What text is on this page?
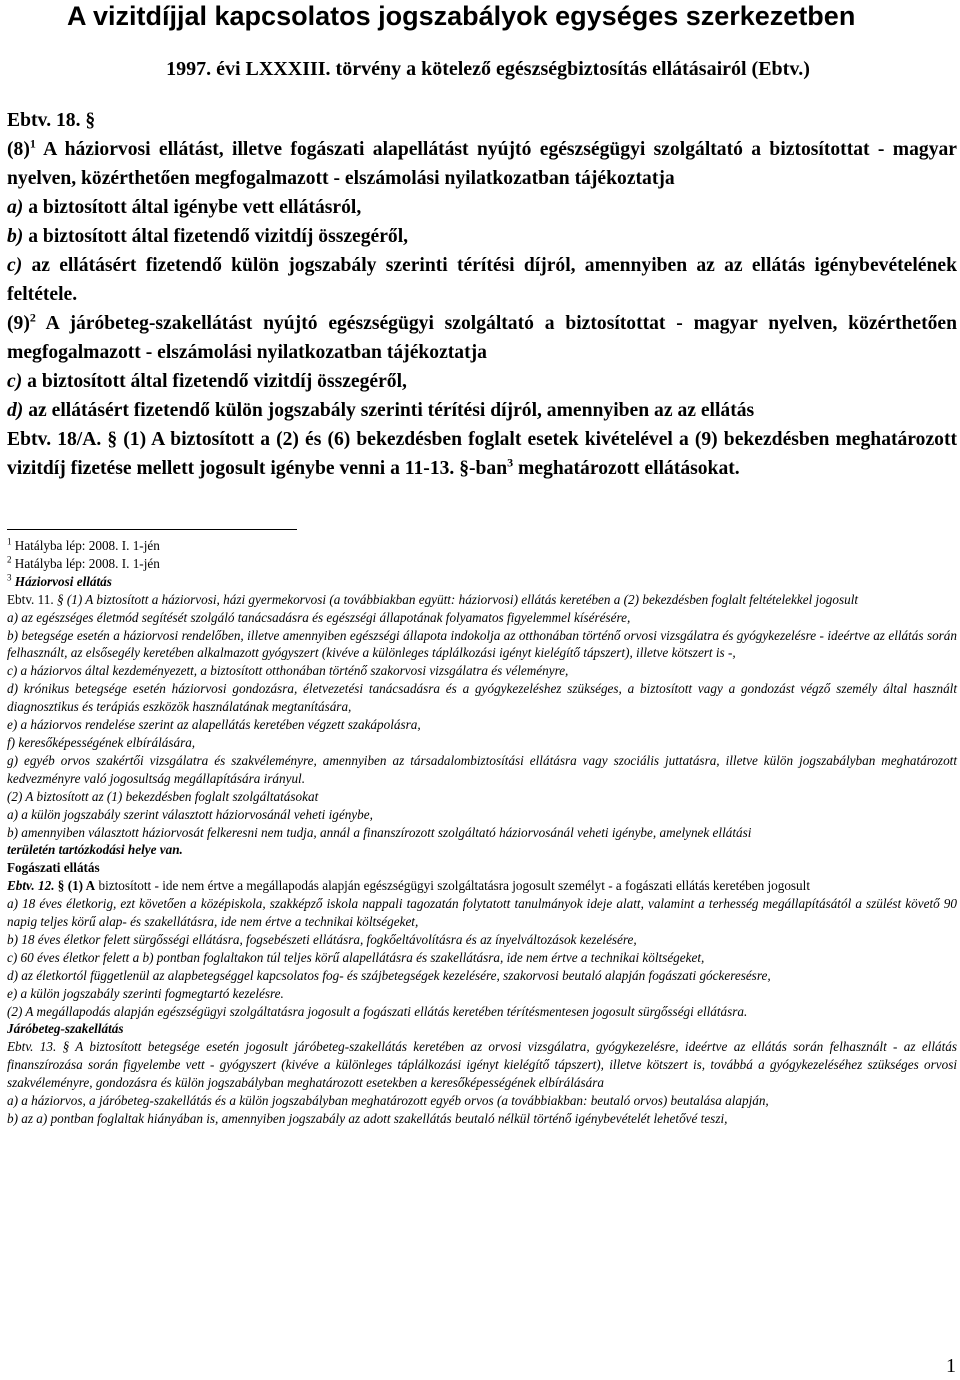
A vizitdíjjal kapcsolatos jogszabályok egységes szerkezetben
1997. évi LXXXIII. törvény a kötelező egészségbiztosítás ellátásairól (Ebtv.)

Ebtv. 18. §

$(8)^1$ A háziorvosi ellátást, illetve fogászati alapellátást nyújtó egészségügyi szolgáltató a biztosítottat - magyar nyelven, közérthetően megfogalmazott - elszámolási nyilatkozatban tájékoztatja

a) a biztosított által igénybe vett ellátásról,

b) a biztosított által fizetendő vizitdíj összegéről,

c) az ellátásért fizetendő külön jogszabály szerinti térítési díjról, amennyiben az az ellátás igénybevételének feltétele.

$(9)^2$ A járóbeteg-szakellátást nyújtó egészségügyi szolgáltató a biztosítottat - magyar nyelven, közérthetően megfogalmazott - elszámolási nyilatkozatban tájékoztatja

c) a biztosított által fizetendő vizitdíj összegéről,

d) az ellátásért fizetendő külön jogszabály szerinti térítési díjról, amennyiben az az ellátás

Ebtv. 18/A. § (1) A biztosított a (2) és (6) bekezdésben foglalt esetek kivételével a (9) bekezdésben meghatározott vizitdíj fizetése mellett jogosult igénybe venni a 11-13. §-ban$^3$ meghatározott ellátásokat.

$^1$ Hatályba lép: 2008. I. 1-jén

$^2$ Hatályba lép: 2008. I. 1-jén

$^3$ Háziorvosi ellátás

Ebtv. 11. § (1) A biztosított a háziorvosi, házi gyermekorvosi (a továbbiakban együtt: háziorvosi) ellátás keretében a (2) bekezdésben foglalt feltételekkel jogosult

a) az egészséges életmód segítését szolgáló tanácsadásra és egészségi állapotának folyamatos figyelemmel kísérésére,

b) betegsége esetén a háziorvosi rendelőben, illetve amennyiben egészségi állapota indokolja az otthonában történő orvosi vizsgálatra és gyógykezelésre - ideértve az ellátás során felhasznált, az elsősegély keretében alkalmazott gyógyszert (kivéve a különleges táplálkozási igényt kielégítő tápszert), illetve kötszert is -,

c) a háziorvos által kezdeményezett, a biztosított otthonában történő szakorvosi vizsgálatra és véleményre,

d) krónikus betegsége esetén háziorvosi gondozásra, életvezetési tanácsadásra és a gyógykezeléshez szükséges, a biztosított vagy a gondozást végző személy által használt diagnosztikus és terápiás eszközök használatának megtanítására,

e) a háziorvos rendelése szerint az alapellátás keretében végzett szakápolásra,

f) keresőképességének elbírálására,

g) egyéb orvos szakértői vizsgálatra és szakvéleményre, amennyiben az társadalombiztosítási ellátásra vagy szociális juttatásra, illetve külön jogszabályban meghatározott kedvezményre való jogosultság megállapítására irányul.

(2) A biztosított az (1) bekezdésben foglalt szolgáltatásokat

a) a külön jogszabály szerint választott háziorvosánál veheti igénybe,

b) amennyiben választott háziorvosát felkeresni nem tudja, annál a finanszírozott szolgáltató háziorvosánál veheti igénybe, amelynek ellátási
területén tartózkodási helye van.

Fogászati ellátás

Ebtv. 12. § (1) A biztosított - ide nem értve a megállapodás alapján egészségügyi szolgáltatásra jogosult személyt - a fogászati ellátás keretében jogosult

a) 18 éves életkorig, ezt követően a középiskola, szakképző iskola nappali tagozatán folytatott tanulmányok ideje alatt, valamint a terhesség megállapításától a szülést követő 90 napig teljes körű alap- és szakellátásra, ide nem értve a technikai költségeket,

b) 18 éves életkor felett sürgősségi ellátásra, fogsebészeti ellátásra, fogkőeltávolításra és az ínyelváltozások kezelésére,

c) 60 éves életkor felett a b) pontban foglaltakon túl teljes körű alapellátásra és szakellátásra, ide nem értve a technikai költségeket,

d) az életkortól függetlenül az alapbetegséggel kapcsolatos fog- és szájbetegségek kezelésére, szakorvosi beutaló alapján fogászati góckeresésre,

e) a külön jogszabály szerinti fogmegtartó kezelésre.

(2) A megállapodás alapján egészségügyi szolgáltatásra jogosult a fogászati ellátás keretében térítésmentesen jogosult sürgősségi ellátásra.

Járóbeteg-szakellátás

Ebtv. 13. § A biztosított betegsége esetén jogosult járóbeteg-szakellátás keretében az orvosi vizsgálatra, gyógykezelésre, ideértve az ellátás során felhasznált - az ellátás finanszírozása során figyelembe vett - gyógyszert (kivéve a különleges táplálkozási igényt kielégítő tápszert), illetve kötszert is, továbbá a gyógykezeléséhez szükséges orvosi szakvéleményre, gondozásra és külön jogszabályban meghatározott esetekben a keresőképességének elbírálására

a) a háziorvos, a járóbeteg-szakellátás és a külön jogszabályban meghatározott egyéb orvos (a továbbiakban: beutaló orvos) beutalása alapján,

b) az a) pontban foglaltak hiányában is, amennyiben jogszabály az adott szakellátás beutaló nélkül történő igénybevételét lehetővé teszi,

1
